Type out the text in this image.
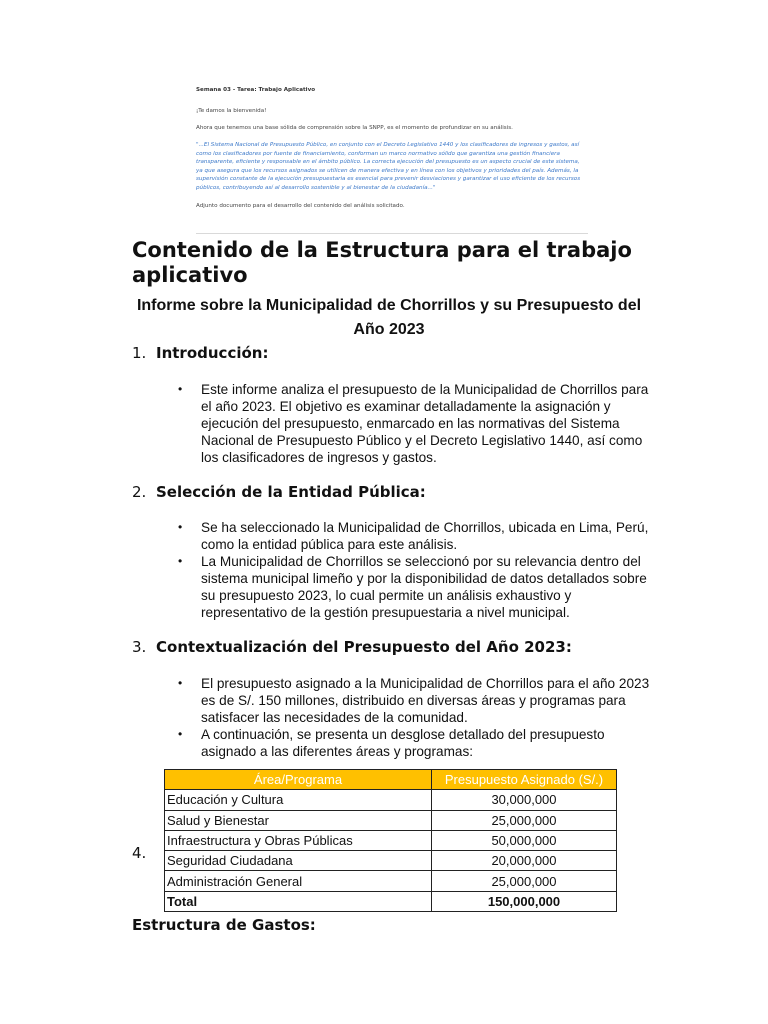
Semana 03 - Tarea: Trabajo Aplicativo

¡Te damos la bienvenida!

Ahora que tenemos una base sólida de comprensión sobre la SNPP, es el momento de profundizar en su análisis.

"...El Sistema Nacional de Presupuesto Público, en conjunto con el Decreto Legislativo 1440 y los clasificadores de ingresos y gastos, así como los clasificadores por fuente de financiamiento, conforman un marco normativo sólido que garantiza una gestión financiera transparente, eficiente y responsable en el ámbito público. La correcta ejecución del presupuesto es un aspecto crucial de este sistema, ya que asegura que los recursos asignados se utilicen de manera efectiva y en línea con los objetivos y prioridades del país. Además, la supervisión constante de la ejecución presupuestaria es esencial para prevenir desviaciones y garantizar el uso eficiente de los recursos públicos, contribuyendo así al desarrollo sostenible y al bienestar de la ciudadanía..."

Adjunto documento para el desarrollo del contenido del análisis solicitado.

Contenido de la Estructura para el trabajo aplicativo

Informe sobre la Municipalidad de Chorrillos y su Presupuesto del Año 2023

1. Introducción:

• Este informe analiza el presupuesto de la Municipalidad de Chorrillos para el año 2023. El objetivo es examinar detalladamente la asignación y ejecución del presupuesto, enmarcado en las normativas del Sistema Nacional de Presupuesto Público y el Decreto Legislativo 1440, así como los clasificadores de ingresos y gastos.

2. Selección de la Entidad Pública:

• Se ha seleccionado la Municipalidad de Chorrillos, ubicada en Lima, Perú, como la entidad pública para este análisis.
• La Municipalidad de Chorrillos se seleccionó por su relevancia dentro del sistema municipal limeño y por la disponibilidad de datos detallados sobre su presupuesto 2023, lo cual permite un análisis exhaustivo y representativo de la gestión presupuestaria a nivel municipal.

3. Contextualización del Presupuesto del Año 2023:

• El presupuesto asignado a la Municipalidad de Chorrillos para el año 2023 es de S/. 150 millones, distribuido en diversas áreas y programas para satisfacer las necesidades de la comunidad.
• A continuación, se presenta un desglose detallado del presupuesto asignado a las diferentes áreas y programas:
4.
Área/Programa	Presupuesto Asignado (S/.)
Educación y Cultura	30,000,000
Salud y Bienestar	25,000,000
Infraestructura y Obras Públicas	50,000,000
Seguridad Ciudadana	20,000,000
Administración General	25,000,000
Total	150,000,000

Estructura de Gastos:
